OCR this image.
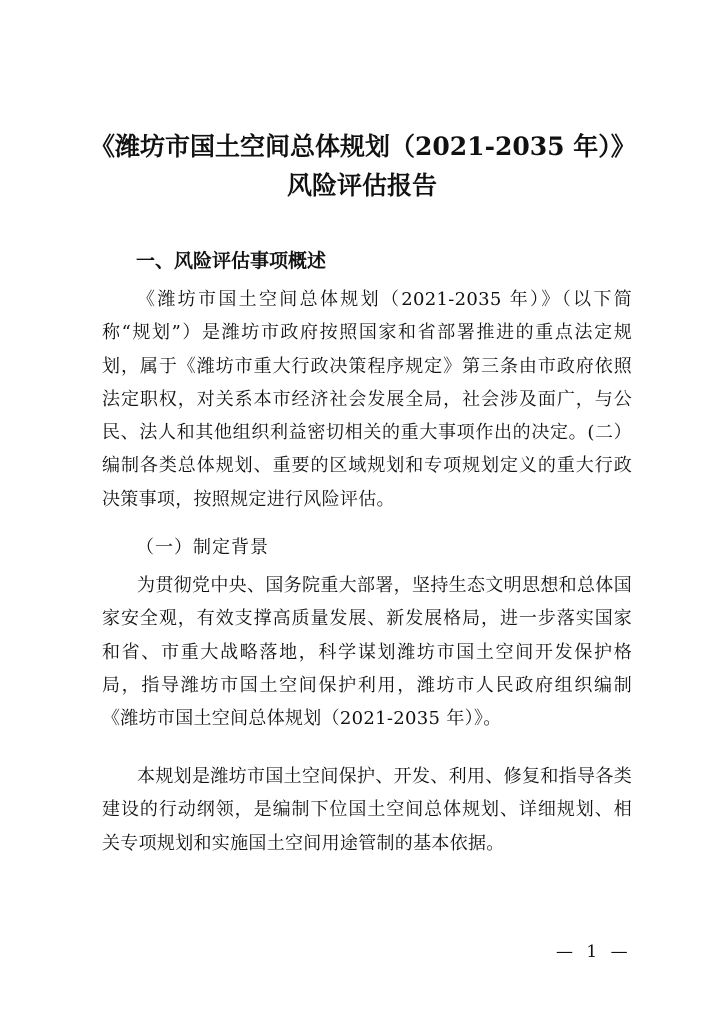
《潍坊市国土空间总体规划（2021-2035 年）》
风险评估报告
一、风险评估事项概述

《潍坊市国土空间总体规划（2021-2035 年）》（以下简称“规划”）是潍坊市政府按照国家和省部署推进的重点法定规划，属于《潍坊市重大行政决策程序规定》第三条由市政府依照法定职权，对关系本市经济社会发展全局，社会涉及面广，与公民、法人和其他组织利益密切相关的重大事项作出的决定。(二）编制各类总体规划、重要的区域规划和专项规划定义的重大行政决策事项，按照规定进行风险评估。

（一）制定背景

为贯彻党中央、国务院重大部署，坚持生态文明思想和总体国家安全观，有效支撑高质量发展、新发展格局，进一步落实国家和省、市重大战略落地，科学谋划潍坊市国土空间开发保护格局，指导潍坊市国土空间保护利用，潍坊市人民政府组织编制《潍坊市国土空间总体规划（2021-2035 年）》。

本规划是潍坊市国土空间保护、开发、利用、修复和指导各类建设的行动纲领，是编制下位国土空间总体规划、详细规划、相关专项规划和实施国土空间用途管制的基本依据。

— 1 —
